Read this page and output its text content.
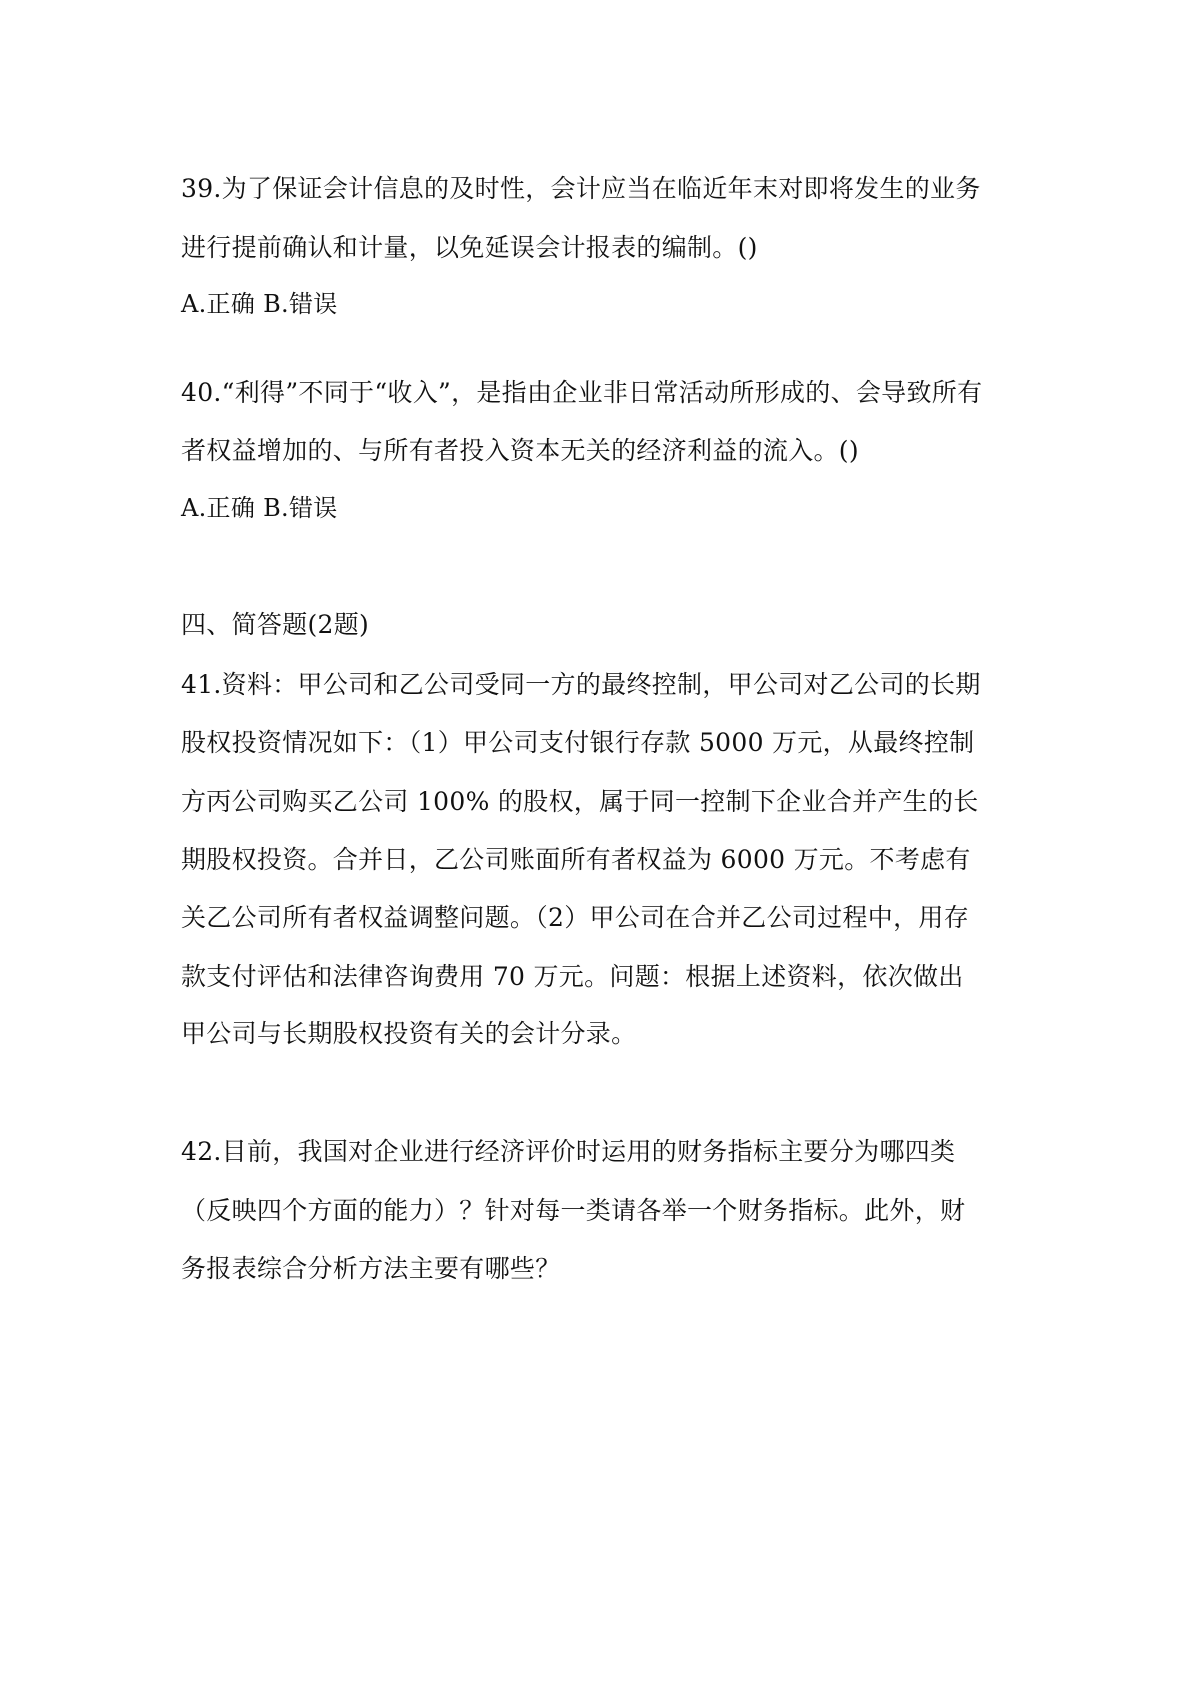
39.为了保证会计信息的及时性，会计应当在临近年末对即将发生的业务
进行提前确认和计量，以免延误会计报表的编制。()
A.正确 B.错误
40.“利得”不同于“收入”，是指由企业非日常活动所形成的、会导致所有
者权益增加的、与所有者投入资本无关的经济利益的流入。()
A.正确 B.错误
四、简答题(2题)
41.资料：甲公司和乙公司受同一方的最终控制，甲公司对乙公司的长期
股权投资情况如下：（1）甲公司支付银行存款 5000 万元，从最终控制
方丙公司购买乙公司 100% 的股权，属于同一控制下企业合并产生的长
期股权投资。合并日，乙公司账面所有者权益为 6000 万元。不考虑有
关乙公司所有者权益调整问题。（2）甲公司在合并乙公司过程中，用存
款支付评估和法律咨询费用 70 万元。问题：根据上述资料，依次做出
甲公司与长期股权投资有关的会计分录。
42.目前，我国对企业进行经济评价时运用的财务指标主要分为哪四类
（反映四个方面的能力）？针对每一类请各举一个财务指标。此外，财
务报表综合分析方法主要有哪些？
